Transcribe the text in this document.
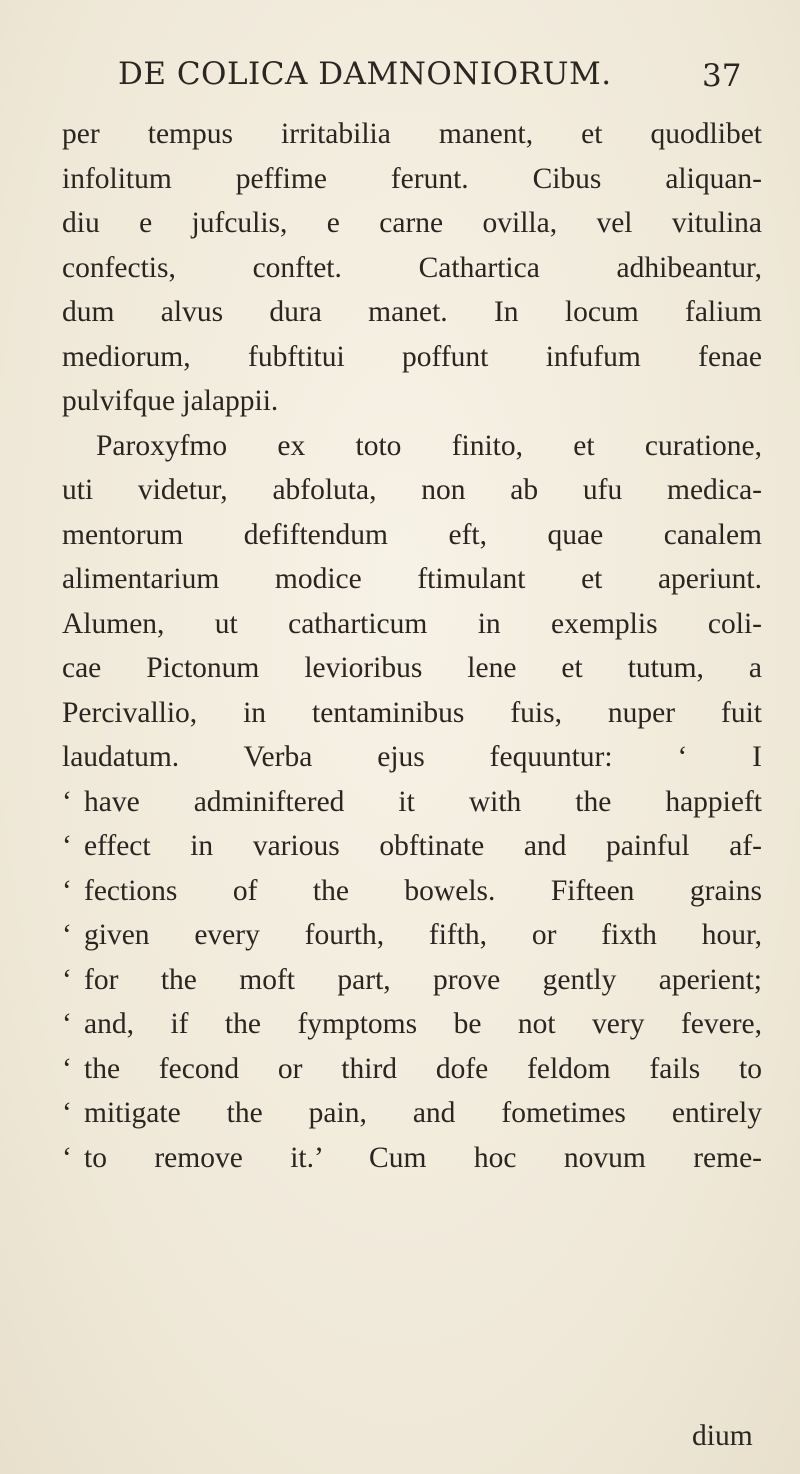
DE COLICA DAMNONIORUM.	37
per tempus irritabilia manent, et quodlibet
infolitum peffime ferunt. Cibus aliquan-
diu e jufculis, e carne ovilla, vel vitulina
confectis, conftet. Cathartica adhibeantur,
dum alvus dura manet. In locum falium
mediorum, fubftitui poffunt infufum fenae
pulvifque jalappii.
Paroxyfmo ex toto finito, et curatione,
uti videtur, abfoluta, non ab ufu medica-
mentorum defiftendum eft, quae canalem
alimentarium modice ftimulant et aperiunt.
Alumen, ut catharticum in exemplis coli-
cae Pictonum levioribus lene et tutum, a
Percivallio, in tentaminibus fuis, nuper fuit
laudatum. Verba ejus fequuntur: ‘ I
‘ have adminiftered it with the happieft
‘ effect in various obftinate and painful af-
‘ fections of the bowels. Fifteen grains
‘ given every fourth, fifth, or fixth hour,
‘ for the moft part, prove gently aperient;
‘ and, if the fymptoms be not very fevere,
‘ the fecond or third dofe feldom fails to
‘ mitigate the pain, and fometimes entirely
‘ to remove it.’ Cum hoc novum reme-
dium
